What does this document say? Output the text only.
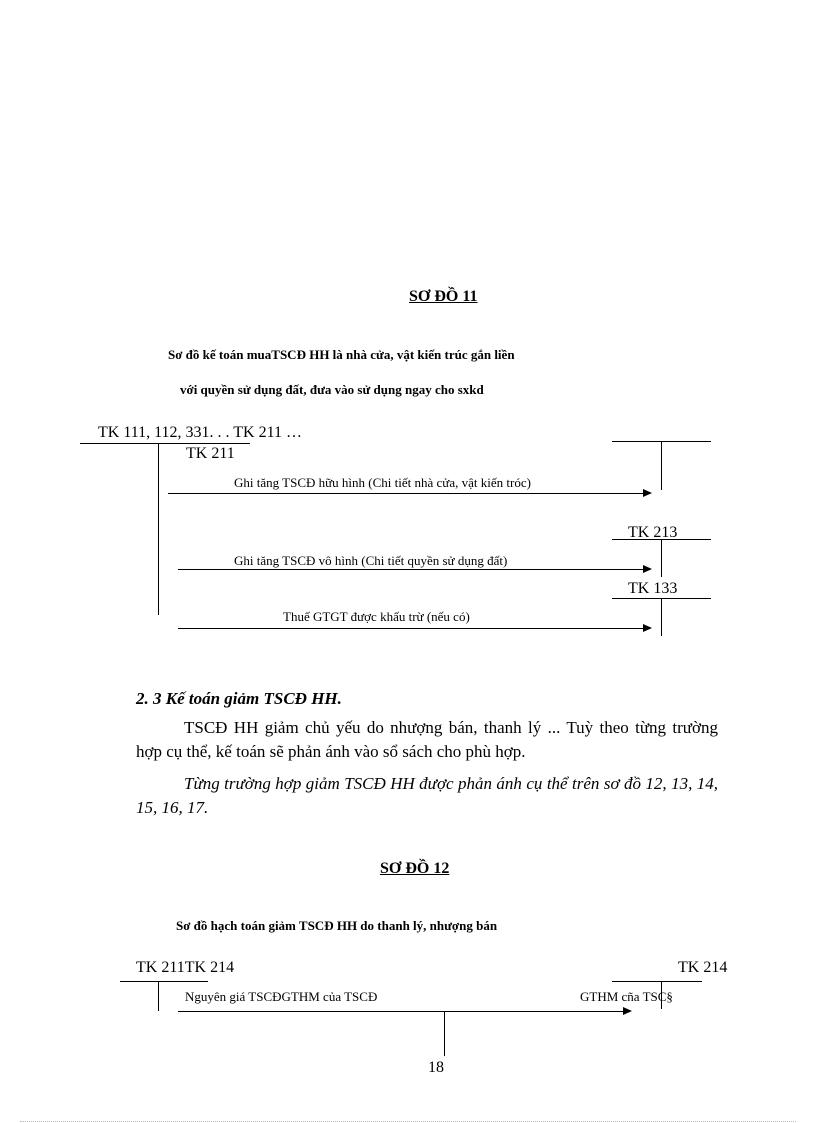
SƠ ĐỒ 11
Sơ đồ kế toán muaTSCĐ HH là nhà cửa, vật kiến trúc gắn liền
với quyền sử dụng đất, đưa vào sử dụng ngay cho sxkd
TK 111, 112, 331. . . TK 211 …
TK 211
Ghi tăng TSCĐ hữu hình (Chi tiết nhà cửa, vật kiến tróc)
TK 213
Ghi tăng TSCĐ vô hình (Chi tiết quyền sử dụng đất)
TK 133
Thuế GTGT được khấu trừ (nếu có)
2. 3 Kế toán giảm TSCĐ HH.
TSCĐ HH giảm chủ yếu do nhượng bán, thanh lý ... Tuỳ theo từng trường hợp cụ thể, kế toán sẽ phản ánh vào sổ sách cho phù hợp.
Từng trường hợp giảm TSCĐ HH được phản ánh cụ thể trên sơ đồ 12, 13, 14, 15, 16, 17.
SƠ ĐỒ 12
Sơ đồ hạch toán giảm TSCĐ HH do thanh lý, nhượng bán
TK 211TK 214	TK 214
Nguyên giá TSCĐGTHM của TSCĐ	GTHM cña TSC§
18
